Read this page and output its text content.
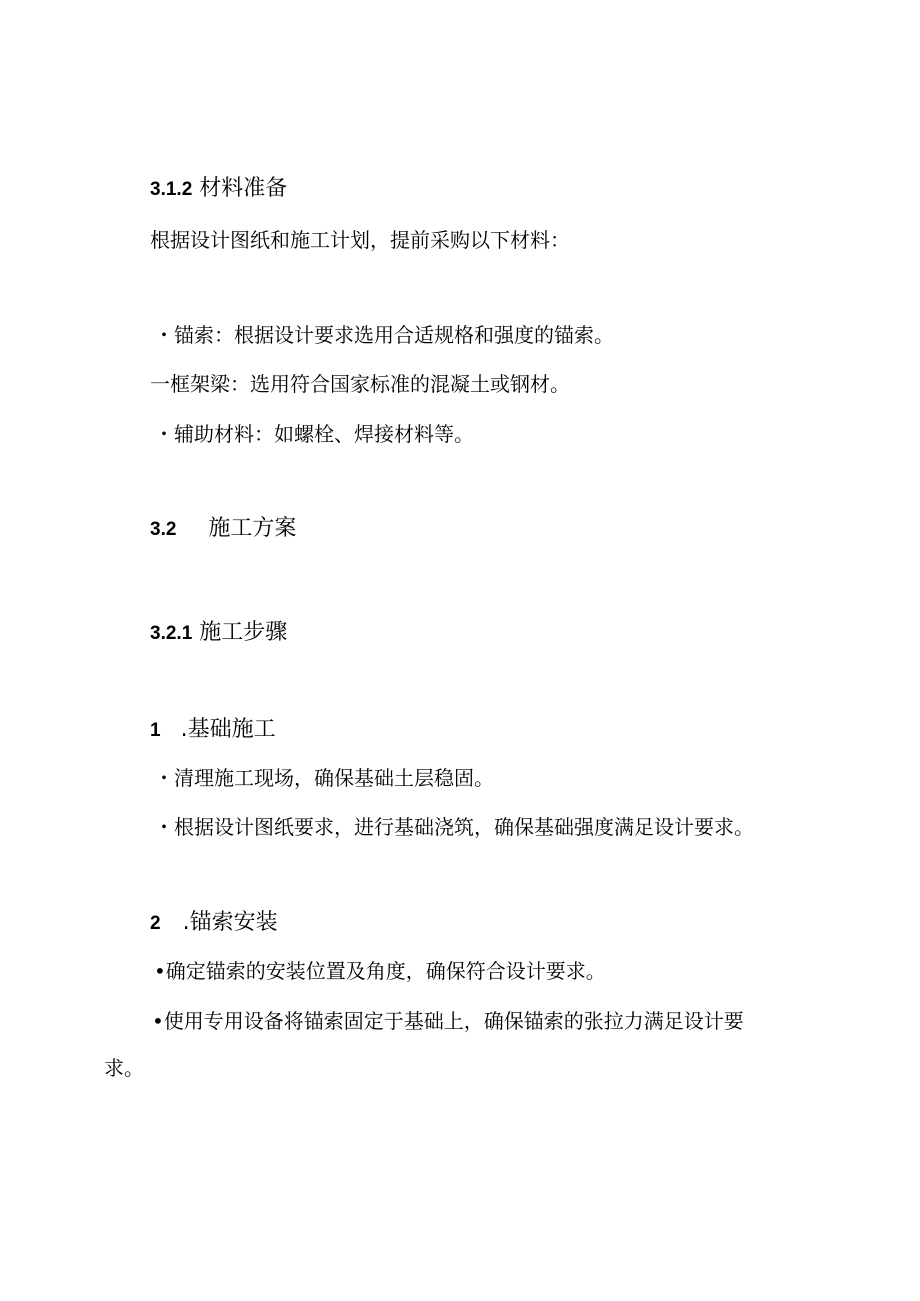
3.1.2 材料准备
根据设计图纸和施工计划，提前采购以下材料：
・锚索：根据设计要求选用合适规格和强度的锚索。
一框架梁：选用符合国家标准的混凝土或钢材。
・辅助材料：如螺栓、焊接材料等。
3.2 施工方案
3.2.1 施工步骤
1 .基础施工
・清理施工现场，确保基础土层稳固。
・根据设计图纸要求，进行基础浇筑，确保基础强度满足设计要求。
2 .锚索安装
•确定锚索的安装位置及角度，确保符合设计要求。
•使用专用设备将锚索固定于基础上，确保锚索的张拉力满足设计要
求。
